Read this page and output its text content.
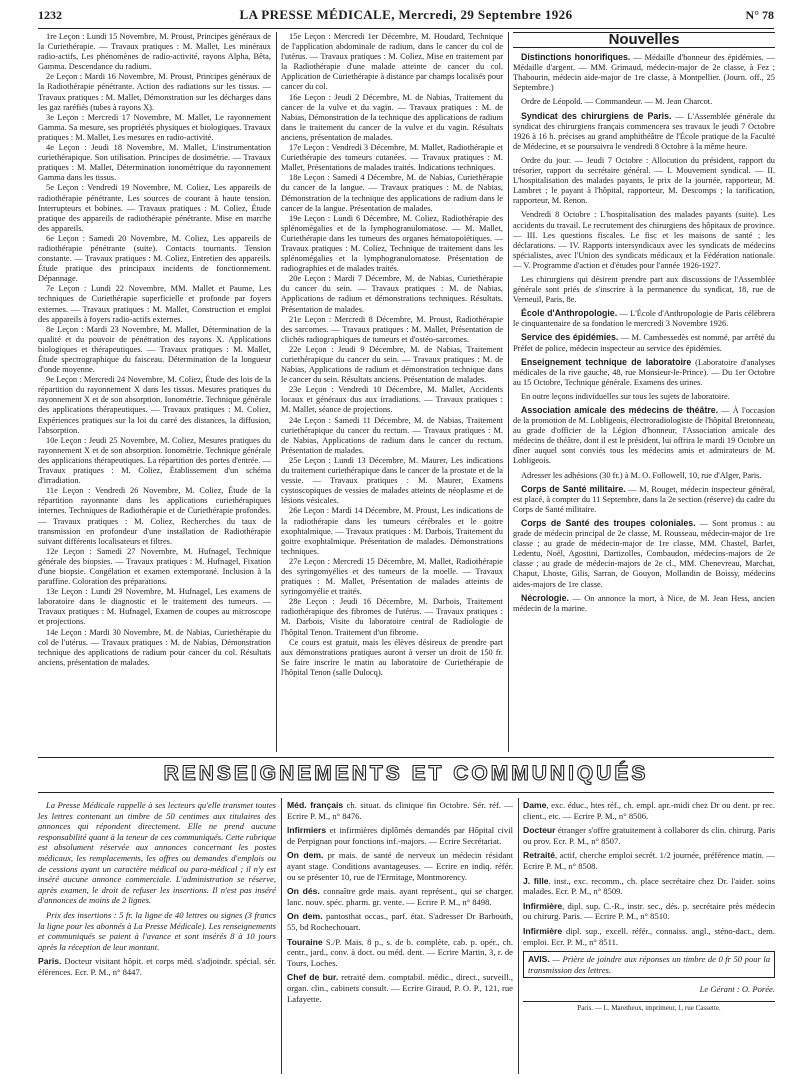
1232	LA PRESSE MÉDICALE, Mercredi, 29 Septembre 1926	N° 78

1re Leçon : Lundi 15 Novembre, M. Proust, Principes généraux de la Curiethérapie. — Travaux pratiques : M. Mallet, Les minéraux radio-actifs, Les phénomènes de radio-activité, rayons Alpha, Bêta, Gamma. Descendance du radium.

2e Leçon : Mardi 16 Novembre, M. Proust, Principes généraux de la Radiothérapie pénétrante. Action des radiations sur les tissus. — Travaux pratiques : M. Mallet, Démonstration sur les décharges dans les gaz raréfiés (tubes à rayons X).

3e Leçon : Mercredi 17 Novembre, M. Mallet, Le rayonnement Gamma. Sa mesure, ses propriétés physiques et biologiques. Travaux pratiques : M. Mallet, Les mesures en radio-activité.

4e Leçon : Jeudi 18 Novembre, M. Mallet, L'instrumentation curiethérapique. Son utilisation. Principes de dosimétrie. — Travaux pratiques : M. Mallet, Détermination ionométrique du rayonnement Gamma dans les tissus.

5e Leçon : Vendredi 19 Novembre, M. Coliez, Les appareils de radiothérapie pénétrante. Les sources de courant à haute tension. Interrupteurs et bobines. — Travaux pratiques : M. Coliez, Étude pratique des appareils de radiothérapie pénétrante. Mise en marche des appareils.

6e Leçon : Samedi 20 Novembre, M. Coliez, Les appareils de radiothérapie pénétrante (suite). Contacts tournants. Tension constante. — Travaux pratiques : M. Coliez, Entretien des appareils. Étude pratique des principaux incidents de fonctionnement. Dépannage.

7e Leçon : Lundi 22 Novembre, MM. Mallet et Paume, Les techniques de Curiethérapie superficielle et profonde par foyers externes. — Travaux pratiques : M. Mallet, Construction et emploi des appareils à foyers radio-actifs externes.

8e Leçon : Mardi 23 Novembre, M. Mallet, Détermination de la qualité et du pouvoir de pénétration des rayons X. Applications biologiques et thérapeutiques. — Travaux pratiques : M. Mallet, Étude spectrographique du faisceau. Détermination de la longueur d'onde moyenne.

9e Leçon : Mercredi 24 Novembre, M. Coliez, Étude des lois de la répartition du rayonnement X dans les tissus. Mesures pratiques du rayonnement X et de son absorption. Ionométrie. Technique générale des applications thérapeutiques. — Travaux pratiques : M. Coliez, Expériences pratiques sur la loi du carré des distances, la diffusion, l'absorption.

10e Leçon : Jeudi 25 Novembre, M. Coliez, Mesures pratiques du rayonnement X et de son absorption. Ionométrie. Technique générale des applications thérapeutiques. La répartition des portes d'entrée. — Travaux pratiques : M. Coliez, Établissement d'un schéma d'irradiation.

11e Leçon : Vendredi 26 Novembre, M. Coliez, Étude de la répartition rayonnante dans les applications curiethérapiques internes. Techniques de Radiothérapie et de Curiethérapie profondes. — Travaux pratiques : M. Coliez, Recherches du taux de transmission en profondeur d'une installation de Radiothérapie suivant différents localisateurs et filtres.

12e Leçon : Samedi 27 Novembre, M. Hufnagel, Technique générale des biopsies. — Travaux pratiques : M. Hufnagel, Fixation d'une biopsie. Congélation et examen extemporané. Inclusion à la paraffine. Coloration des préparations.

13e Leçon : Lundi 29 Novembre, M. Hufnagel, Les examens de laboratoire dans le diagnostic et le traitement des tumeurs. — Travaux pratiques : M. Hufnagel, Examen de coupes au microscope et projections.

14e Leçon : Mardi 30 Novembre, M. de Nabias, Curiethérapie du col de l'utérus. — Travaux pratiques : M. de Nabias, Démonstration technique des applications de radium pour cancer du col. Résultats anciens, présentation de malades.

15e Leçon : Mercredi 1er Décembre, M. Houdard, Technique de l'application abdominale de radium, dans le cancer du col de l'utérus. — Travaux pratiques : M. Coliez, Mise en traitement par la Radiothérapie d'une malade atteinte de cancer du col. Application de Curiethérapie à distance par champs localisés pour cancer du col.

16e Leçon : Jeudi 2 Décembre, M. de Nabias, Traitement du cancer de la vulve et du vagin. — Travaux pratiques : M. de Nabias, Démonstration de la technique des applications de radium dans le traitement du cancer de la vulve et du vagin. Résultats anciens, présentation de malades.

17e Leçon : Vendredi 3 Décembre, M. Mallet, Radiothérapie et Curiethérapie des tumeurs cutanées. — Travaux pratiques : M. Mallet, Présentations de malades traités. Indications techniques.

18e Leçon : Samedi 4 Décembre, M. de Nabias, Curiethérapie du cancer de la langue. — Travaux pratiques : M. de Nabias, Démonstration de la technique des applications de radium dans le cancer de la langue. Présentation de malades.

19e Leçon : Lundi 6 Décembre, M. Coliez, Radiothérapie des splénomégalies et de la lymphogranulomatose. — M. Mallet, Curiethérapie dans les tumeurs des organes hématopoïétiques. — Travaux pratiques : M. Coliez, Technique de traitement dans les splénomégalies et la lymphogranulomatose. Présentation de radiographies et de malades traités.

20e Leçon : Mardi 7 Décembre, M. de Nabias, Curiethérapie du cancer du sein. — Travaux pratiques : M. de Nabias, Applications de radium et démonstrations techniques. Résultats. Présentation de malades.

21e Leçon : Mercredi 8 Décembre, M. Proust, Radiothérapie des sarcomes. — Travaux pratiques : M. Mallet, Présentation de clichés radiographiques de tumeurs et d'ostéo-sarcomes.

22e Leçon : Jeudi 9 Décembre, M. de Nabias, Traitement curiethérapique du cancer du sein. — Travaux pratiques : M. de Nabias, Applications de radium et démonstration technique dans le cancer du sein. Résultats anciens. Présentation de malades.

23e Leçon : Vendredi 10 Décembre, M. Mallet, Accidents locaux et généraux dus aux irradiations. — Travaux pratiques : M. Mallet, séance de projections.

24e Leçon : Samedi 11 Décembre, M. de Nabias, Traitement curiethérapique du cancer du rectum. — Travaux pratiques : M. de Nabias, Applications de radium dans le cancer du rectum. Présentation de malades.

25e Leçon : Lundi 13 Décembre, M. Maurer, Les indications du traitement curiethérapique dans le cancer de la prostate et de la vessie. — Travaux pratiques : M. Maurer, Examens cystoscopiques de vessies de malades atteints de néoplasme et de lésions vésicales.

26e Leçon : Mardi 14 Décembre, M. Proust, Les indications de la radiothérapie dans les tumeurs cérébrales et le goitre exophtalmique. — Travaux pratiques : M. Darbois, Traitement du goitre exophtalmique. Présentation de malades. Démonstrations techniques.

27e Leçon : Mercredi 15 Décembre, M. Mallet, Radiothérapie des syringomyélies et des tumeurs de la moelle. — Travaux pratiques : M. Mallet, Présentation de malades atteints de syringomyélie et traités.

28e Leçon : Jeudi 16 Décembre, M. Darbois, Traitement radiothérapique des fibromes de l'utérus. — Travaux pratiques : M. Darbois, Visite du laboratoire central de Radiologie de l'hôpital Tenon. Traitement d'un fibrome.

Ce cours est gratuit, mais les élèves désireux de prendre part aux démonstrations pratiques auront à verser un droit de 150 fr. Se faire inscrire le matin au laboratoire de Curiethérapie de l'hôpital Tenon (salle Dulocq).

Nouvelles

Distinctions honorifiques. — Médaille d'honneur des épidémies. — Médaille d'argent. — MM. Grimaud, médecin-major de 2e classe, à Fez ; Thabourin, médecin aide-major de 1re classe, à Montpellier. (Journ. off., 25 Septembre.)

Ordre de Léopold. — Commandeur. — M. Jean Charcot.

Syndicat des chirurgiens de Paris. — L'Assemblée générale du syndicat des chirurgiens français commencera ses travaux le jeudi 7 Octobre 1926 à 16 h. précises au grand amphithéâtre de l'École pratique de la Faculté de Médecine, et se poursuivra le vendredi 8 Octobre à la même heure.

Ordre du jour. — Jeudi 7 Octobre : Allocution du président, rapport du trésorier, rapport du secrétaire général. — I. Mouvement syndical. — II. L'hospitalisation des malades payants, le prix de la journée, rapporteur, M. Lambret ; le payant à l'hôpital, rapporteur, M. Descomps ; la tarification, rapporteur, M. Renon.

Vendredi 8 Octobre : L'hospitalisation des malades payants (suite). Les accidents du travail. Le recrutement des chirurgiens des hôpitaux de province. — III. Les questions fiscales. Le fisc et les maisons de santé ; les déclarations. — IV. Rapports intersyndicaux avec les syndicats de médecins spécialistes, avec l'Union des syndicats médicaux et la Fédération nationale. — V. Programme d'action et d'études pour l'année 1926-1927.

Les chirurgiens qui désirent prendre part aux discussions de l'Assemblée générale sont priés de s'inscrire à la permanence du syndicat, 18, rue de Verneuil, Paris, 8e.

École d'Anthropologie. — L'École d'Anthropologie de Paris célèbrera le cinquantenaire de sa fondation le mercredi 3 Novembre 1926.

Service des épidémies. — M. Cambessedès est nommé, par arrêté du Préfet de police, médecin inspecteur au service des épidémies.

Enseignement technique de laboratoire (Laboratoire d'analyses médicales de la rive gauche, 48, rue Monsieur-le-Prince). — Du 1er Octobre au 15 Octobre, Technique générale. Examens des urines.

En outre leçons individuelles sur tous les sujets de laboratoire.

Association amicale des médecins de théâtre. — À l'occasion de la promotion de M. Lobligeois, électroradiologiste de l'hôpital Bretonneau, au grade d'officier de la Légion d'honneur, l'Association amicale des médecins de théâtre, dont il est le président, lui offrira le mardi 19 Octobre un dîner auquel sont conviés tous les médecins amis et admirateurs de M. Lobligeois.

Adresser les adhésions (30 fr.) à M. O. Followell, 10, rue d'Alger, Paris.

Corps de Santé militaire. — M. Rouget, médecin inspecteur général, est placé, à compter du 11 Septembre, dans la 2e section (réserve) du cadre du Corps de Santé militaire.

Corps de Santé des troupes coloniales. — Sont promus : au grade de médecin principal de 2e classe, M. Rousseau, médecin-major de 1re classe ; au grade de médecin-major de 1re classe, MM. Chastel, Barlet, Ledentu, Noël, Agostini, Dartizolles, Combaudon, médecins-majors de 2e classe ; au grade de médecin-majors de 2e cl., MM. Chenevreau, Marchat, Chaput, Lhoste, Gilis, Sarran, de Gouyon, Mollandin de Boissy, médecins aides-majors de 1re classe.

Nécrologie. — On annonce la mort, à Nice, de M. Jean Hess, ancien médecin de la marine.

RENSEIGNEMENTS ET COMMUNIQUÉS

La Presse Médicale rappelle à ses lecteurs qu'elle transmet toutes les lettres contenant un timbre de 50 centimes aux titulaires des annonces qui répondent directement. Elle ne prend aucune responsabilité quant à la teneur de ces communiqués. Cette rubrique est absolument réservée aux annonces concernant les postes médicaux, les remplacements, les offres ou demandes d'emplois ou de cessions ayant un caractère médical ou para-médical ; il n'y est inséré aucune annonce commerciale. L'administration se réserve, après examen, le droit de refuser les insertions. Il n'est pas inséré d'annonces de moins de 2 lignes.

Prix des insertions : 5 fr. la ligne de 40 lettres ou signes (3 francs la ligne pour les abonnés à La Presse Médicale). Les renseignements et communiqués se paient à l'avance et sont insérés 8 à 10 jours après la réception de leur montant.

Paris. Docteur visitant hôpit. et corps méd. s'adjoindr. spécial. sér. éférences. Ecr. P. M., n° 8447.

Méd. français ch. situat. ds clinique fin Octobre. Sér. réf. — Ecrire P. M., n° 8476.

Infirmiers et infirmières diplômés demandés par Hôpital civil de Perpignan pour fonctions inf.-majors. — Ecrire Secrétariat.

On dem. pr mais. de santé de nerveux un médecin résidant ayant stage. Conditions avantageuses. — Ecrire en indiq. référ. ou se présenter 10, rue de l'Ermitage, Montmorency.

On dés. connaître grde mais. ayant représent., qui se charger. lanc. nouv. spéc. pharm. gr. vente. — Ecrire P. M., n° 8498.

On dem. pantosthat occas., parf. état. S'adresser Dr Barbouth, 55, bd Rochechouart.

Touraine S./P. Mais. 8 p., s. de b. complète, cab. p. opér., ch. centr., jard., conv. à doct. ou méd. dent. — Ecrire Martin, 3, r. de Tours, Loches.

Chef de bur. retraité dem. comptabil. médic., direct., surveill., organ. clin., cabinets consult. — Ecrire Giraud, P. O. P., 121, rue Lafayette.

Dame, exc. éduc., htes réf., ch. empl. apr.-midi chez Dr ou dent. pr rec. client., etc. — Ecrire P. M., n° 8506.

Docteur étranger s'offre gratuitement à collaborer ds clin. chirurg. Paris ou prov. Ecr. P. M., n° 8507.

Retraité, actif, cherche emploi secrét. 1/2 journée, préférence matin. — Ecrire P. M., n° 8508.

J. fille. inst., exc. recomm., ch. place secrétaire chez Dr. l'aider. soins malades. Ecr. P. M., n° 8509.

Infirmière, dipl. sup. C.-R., instr. sec., dés. p. secrétaire près médecin ou chirurg. Paris. — Ecrire P. M., n° 8510.

Infirmière dipl. sup., excell. référ., connaiss. angl., sténo-dact., dem. emploi. Ecr. P. M., n° 8511.

AVIS. — Prière de joindre aux réponses un timbre de 0 fr 50 pour la transmission des lettres.
Le Gérant : O. Porée.
Paris. — L. Maretheux, imprimeur, 1, rue Cassette.
